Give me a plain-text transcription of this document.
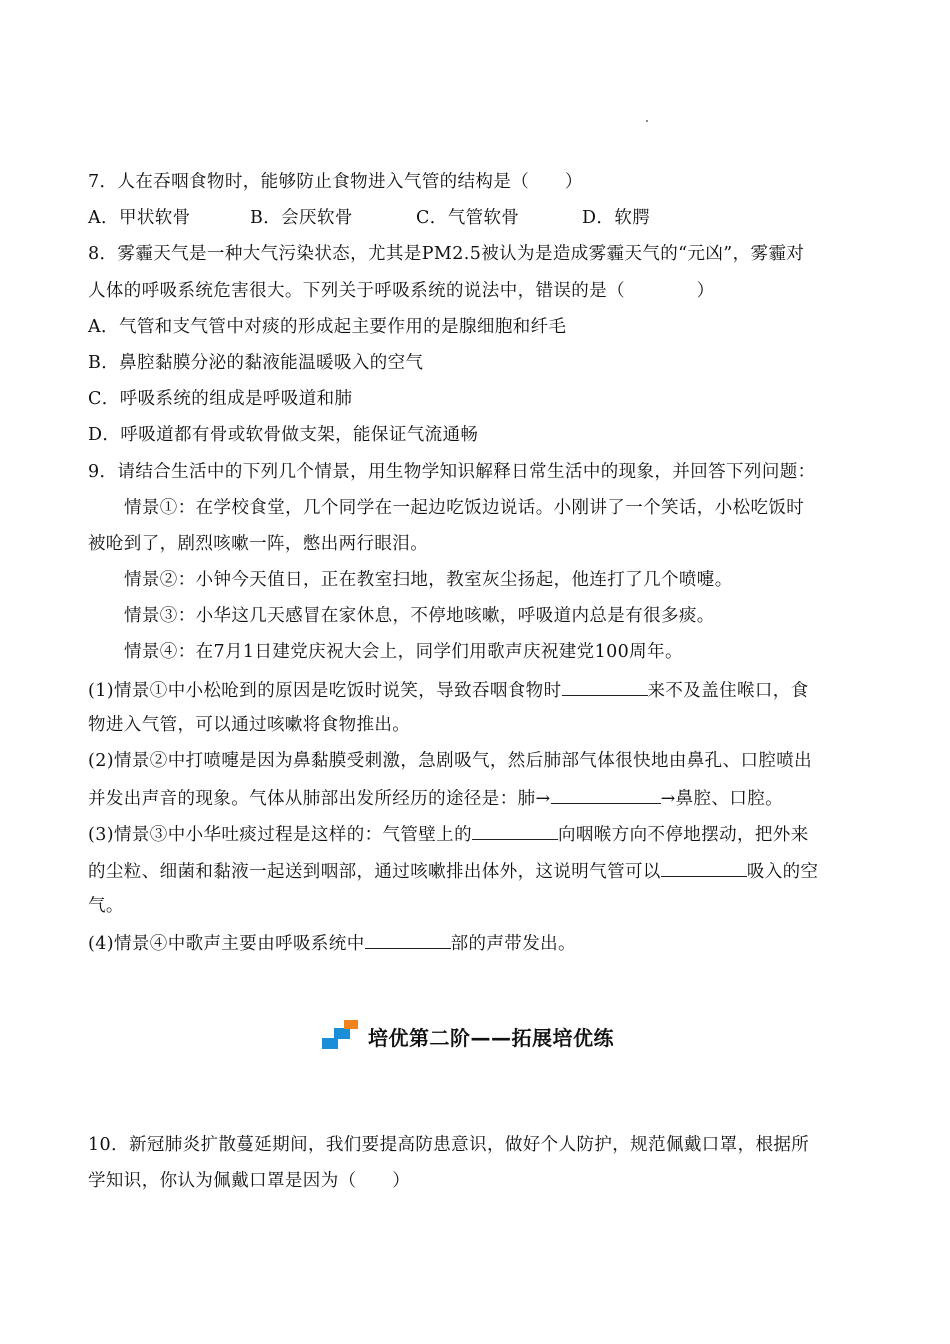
7．人在吞咽食物时，能够防止食物进入气管的结构是（　　）
A．甲状软骨	B．会厌软骨	C．气管软骨	D．软腭
8．雾霾天气是一种大气污染状态，尤其是PM2.5被认为是造成雾霾天气的“元凶”，雾霾对
人体的呼吸系统危害很大。下列关于呼吸系统的说法中，错误的是（　　　　）
A．气管和支气管中对痰的形成起主要作用的是腺细胞和纤毛
B．鼻腔黏膜分泌的黏液能温暖吸入的空气
C．呼吸系统的组成是呼吸道和肺
D．呼吸道都有骨或软骨做支架，能保证气流通畅
9．请结合生活中的下列几个情景，用生物学知识解释日常生活中的现象，并回答下列问题：
情景①：在学校食堂，几个同学在一起边吃饭边说话。小刚讲了一个笑话，小松吃饭时
被呛到了，剧烈咳嗽一阵，憋出两行眼泪。
情景②：小钟今天值日，正在教室扫地，教室灰尘扬起，他连打了几个喷嚏。
情景③：小华这几天感冒在家休息，不停地咳嗽，呼吸道内总是有很多痰。
情景④：在7月1日建党庆祝大会上，同学们用歌声庆祝建党100周年。
(1)情景①中小松呛到的原因是吃饭时说笑，导致吞咽食物时	来不及盖住喉口，食
物进入气管，可以通过咳嗽将食物推出。
(2)情景②中打喷嚏是因为鼻黏膜受刺激，急剧吸气，然后肺部气体很快地由鼻孔、口腔喷出
并发出声音的现象。气体从肺部出发所经历的途径是：肺→	→鼻腔、口腔。
(3)情景③中小华吐痰过程是这样的：气管壁上的	向咽喉方向不停地摆动，把外来
的尘粒、细菌和黏液一起送到咽部，通过咳嗽排出体外，这说明气管可以	吸入的空
气。
(4)情景④中歌声主要由呼吸系统中	部的声带发出。
培优第二阶——拓展培优练
10．新冠肺炎扩散蔓延期间，我们要提高防患意识，做好个人防护，规范佩戴口罩，根据所
学知识，你认为佩戴口罩是因为（　　）
